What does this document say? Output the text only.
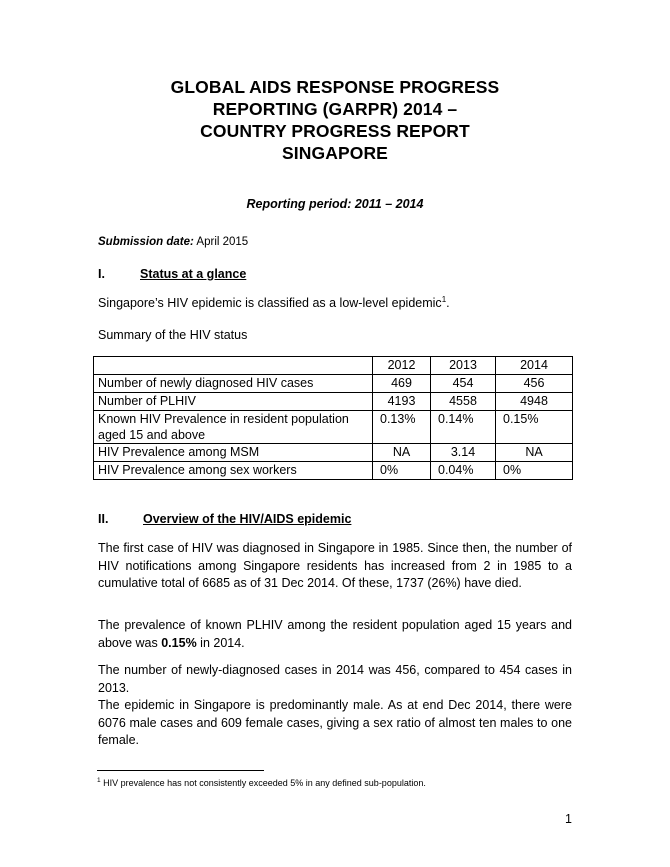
GLOBAL AIDS RESPONSE PROGRESS
REPORTING (GARPR) 2014 –
COUNTRY PROGRESS REPORT
SINGAPORE
Reporting period: 2011 – 2014
Submission date: April 2015
I.	Status at a glance
Singapore’s HIV epidemic is classified as a low-level epidemic$^1$.
Summary of the HIV status
	2012	2013	2014
Number of newly diagnosed HIV cases	469	454	456
Number of PLHIV	4193	4558	4948
Known HIV Prevalence in resident population aged 15 and above	0.13%	0.14%	0.15%
HIV Prevalence among MSM	NA	3.14	NA
HIV Prevalence among sex workers	0%	0.04%	0%
II.	Overview of the HIV/AIDS epidemic
The first case of HIV was diagnosed in Singapore in 1985. Since then, the number of HIV notifications among Singapore residents has increased from 2 in 1985 to a cumulative total of 6685 as of 31 Dec 2014. Of these, 1737 (26%) have died.
The prevalence of known PLHIV among the resident population aged 15 years and above was 0.15% in 2014.
The number of newly-diagnosed cases in 2014 was 456, compared to 454 cases in 2013.
The epidemic in Singapore is predominantly male. As at end Dec 2014, there were 6076 male cases and 609 female cases, giving a sex ratio of almost ten males to one female.
$^1$ HIV prevalence has not consistently exceeded 5% in any defined sub-population.
1
